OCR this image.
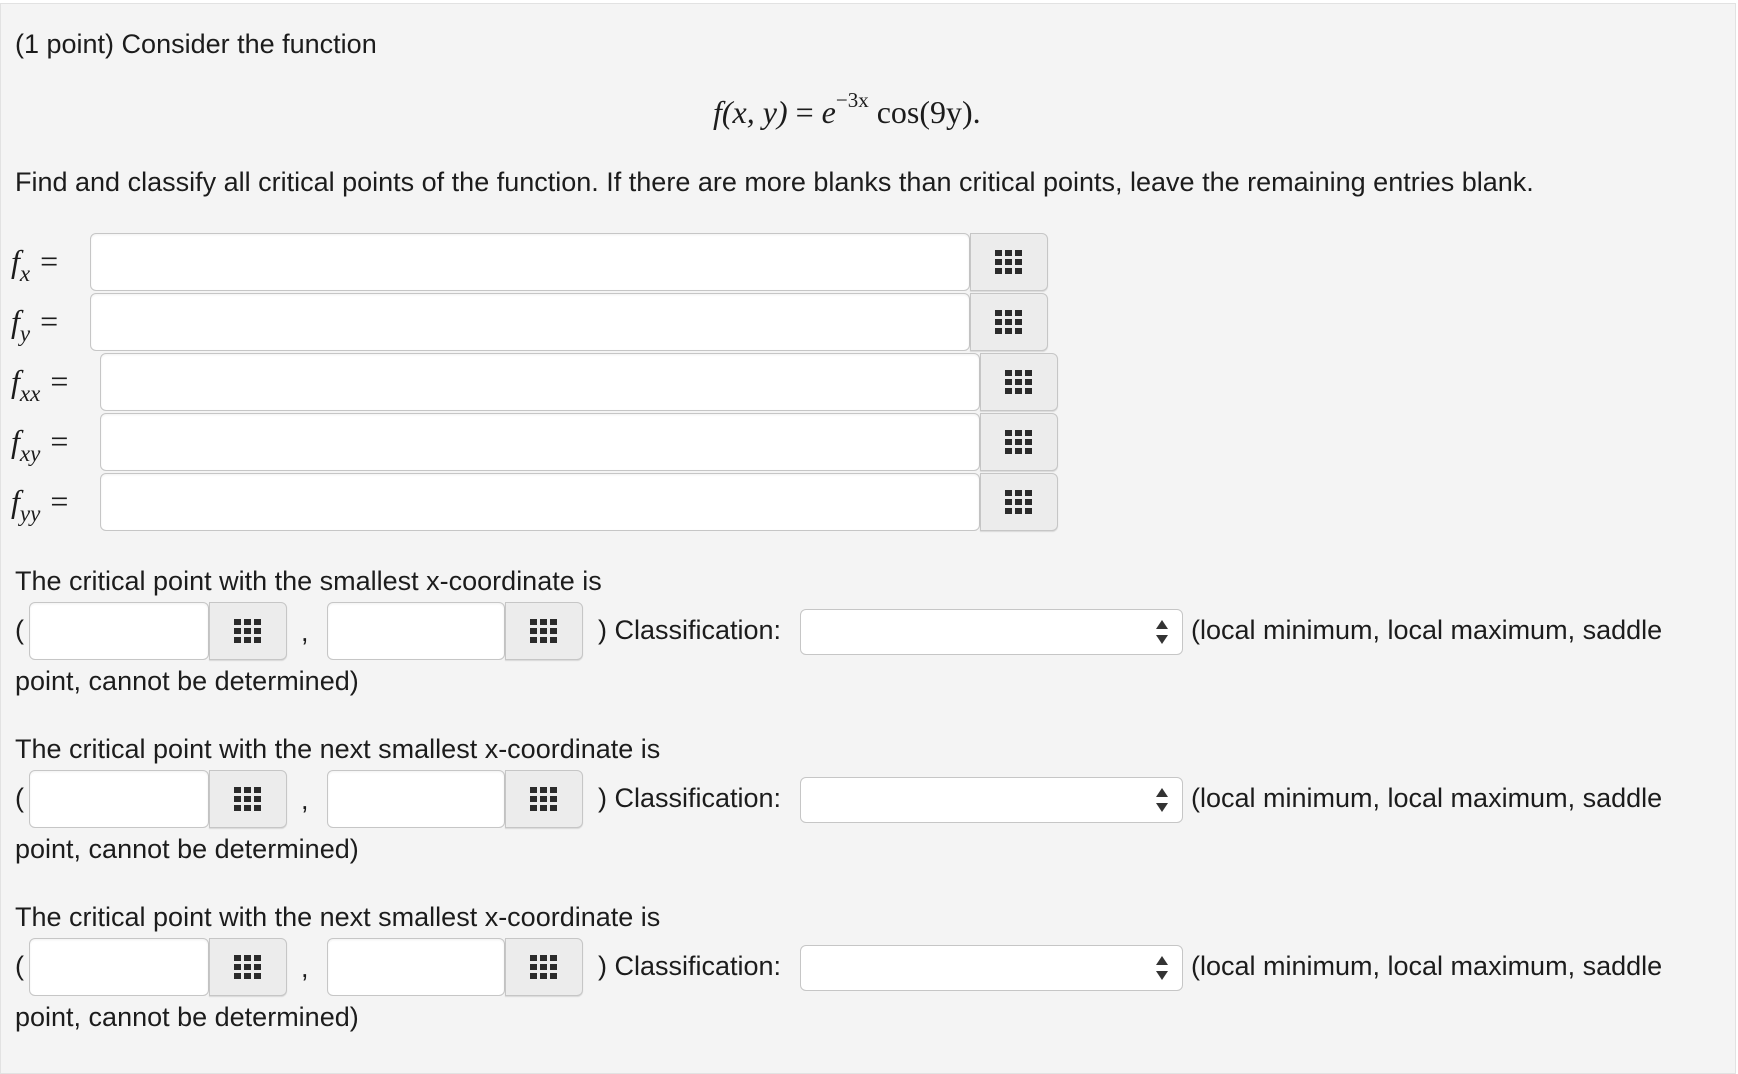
(1 point) Consider the function
f(x, $y) = e^{-3x}$ cos(9y).
Find and classify all critical points of the function. If there are more blanks than critical points, leave the remaining entries blank.
$f_x$ =
$f_y$ =
$f_{xx}$ =
$f_{xy}$ =
$f_{yy}$ =
The critical point with the smallest x-coordinate is
(	,	) Classification:	(local minimum, local maximum, saddle
point, cannot be determined)
The critical point with the next smallest x-coordinate is
(	,	) Classification:	(local minimum, local maximum, saddle
point, cannot be determined)
The critical point with the next smallest x-coordinate is
(	,	) Classification:	(local minimum, local maximum, saddle
point, cannot be determined)
